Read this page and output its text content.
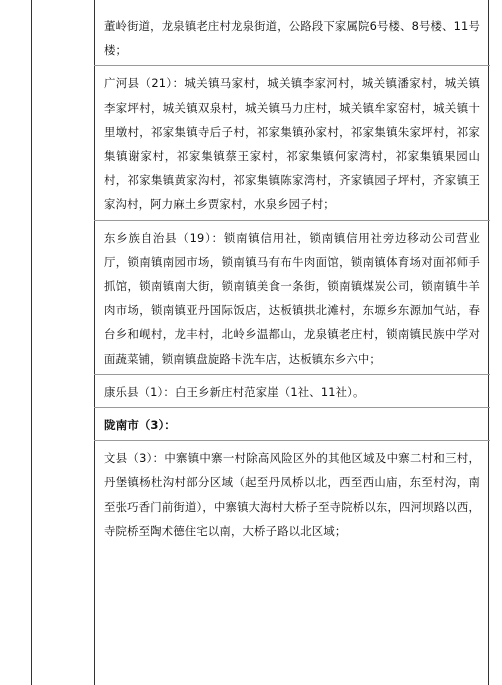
董岭街道，龙泉镇老庄村龙泉街道，公路段下家属院6号楼、8号楼、11号楼；

广河县（21）：城关镇马家村，城关镇李家河村，城关镇潘家村，城关镇李家坪村，城关镇双泉村，城关镇马力庄村，城关镇牟家窑村，城关镇十里墩村，祁家集镇寺后子村，祁家集镇孙家村，祁家集镇朱家坪村，祁家集镇谢家村，祁家集镇蔡王家村，祁家集镇何家湾村，祁家集镇果园山村，祁家集镇黄家沟村，祁家集镇陈家湾村，齐家镇园子坪村，齐家镇王家沟村，阿力麻土乡贾家村，水泉乡园子村；

东乡族自治县（19）：锁南镇信用社，锁南镇信用社旁边移动公司营业厅，锁南镇南园市场，锁南镇马有布牛肉面馆，锁南镇体育场对面祁师手抓馆，锁南镇南大街，锁南镇美食一条街，锁南镇煤炭公司，锁南镇牛羊肉市场，锁南镇亚丹国际饭店，达板镇拱北滩村，东塬乡东源加气站，春台乡和岘村，龙丰村，北岭乡温都山，龙泉镇老庄村，锁南镇民族中学对面蔬菜铺，锁南镇盘旋路卡洗车店，达板镇东乡六中；

康乐县（1）：白王乡新庄村范家崖（1社、11社）。

陇南市（3）：

文县（3）：中寨镇中寨一村除高风险区外的其他区域及中寨二村和三村，丹堡镇杨杜沟村部分区域（起至丹凤桥以北，西至西山庙，东至村沟，南至张巧香门前街道），中寨镇大海村大桥子至寺院桥以东，四河坝路以西，寺院桥至陶术德住宅以南，大桥子路以北区域；
